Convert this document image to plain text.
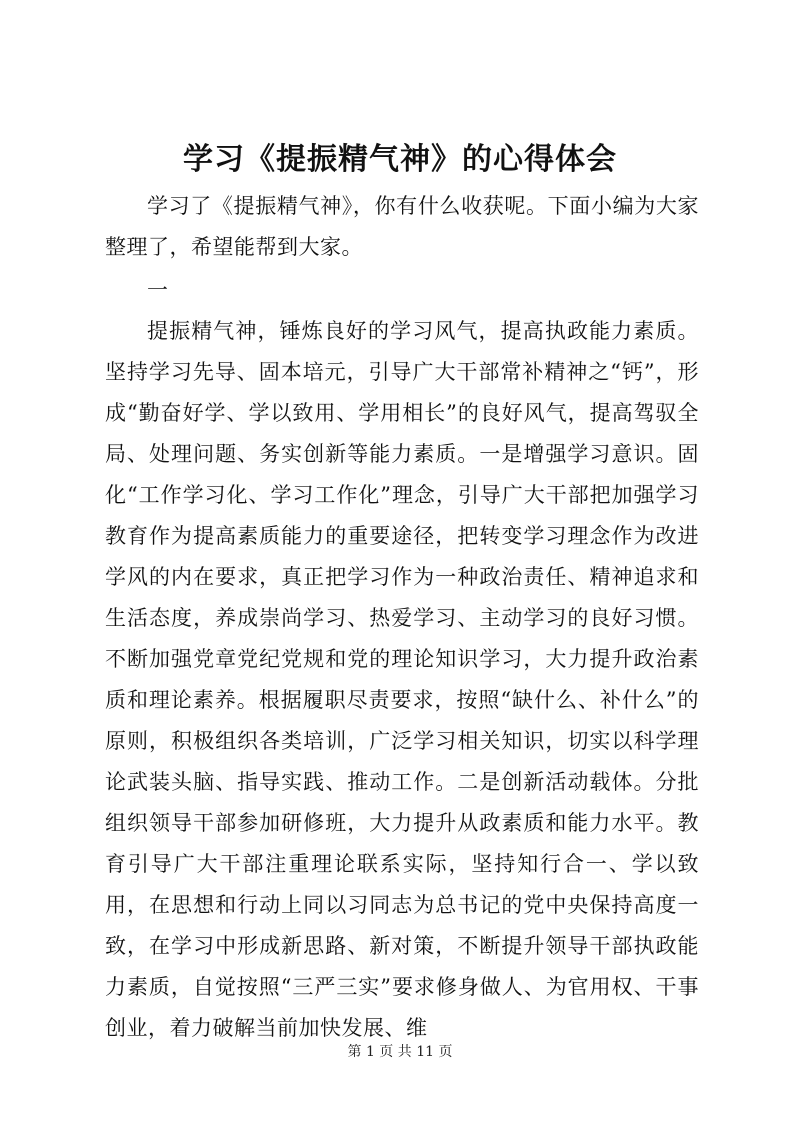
学习《提振精气神》的心得体会

学习了《提振精气神》，你有什么收获呢。下面小编为大家整理了，希望能帮到大家。

一

提振精气神，锤炼良好的学习风气，提高执政能力素质。坚持学习先导、固本培元，引导广大干部常补精神之“钙”，形成“勤奋好学、学以致用、学用相长”的良好风气，提高驾驭全局、处理问题、务实创新等能力素质。一是增强学习意识。固化“工作学习化、学习工作化”理念，引导广大干部把加强学习教育作为提高素质能力的重要途径，把转变学习理念作为改进学风的内在要求，真正把学习作为一种政治责任、精神追求和生活态度，养成崇尚学习、热爱学习、主动学习的良好习惯。不断加强党章党纪党规和党的理论知识学习，大力提升政治素质和理论素养。根据履职尽责要求，按照“缺什么、补什么”的原则，积极组织各类培训，广泛学习相关知识，切实以科学理论武装头脑、指导实践、推动工作。二是创新活动载体。分批组织领导干部参加研修班，大力提升从政素质和能力水平。教育引导广大干部注重理论联系实际，坚持知行合一、学以致用，在思想和行动上同以习同志为总书记的党中央保持高度一致，在学习中形成新思路、新对策，不断提升领导干部执政能力素质，自觉按照“三严三实”要求修身做人、为官用权、干事创业，着力破解当前加快发展、维

第 1 页 共 11 页
